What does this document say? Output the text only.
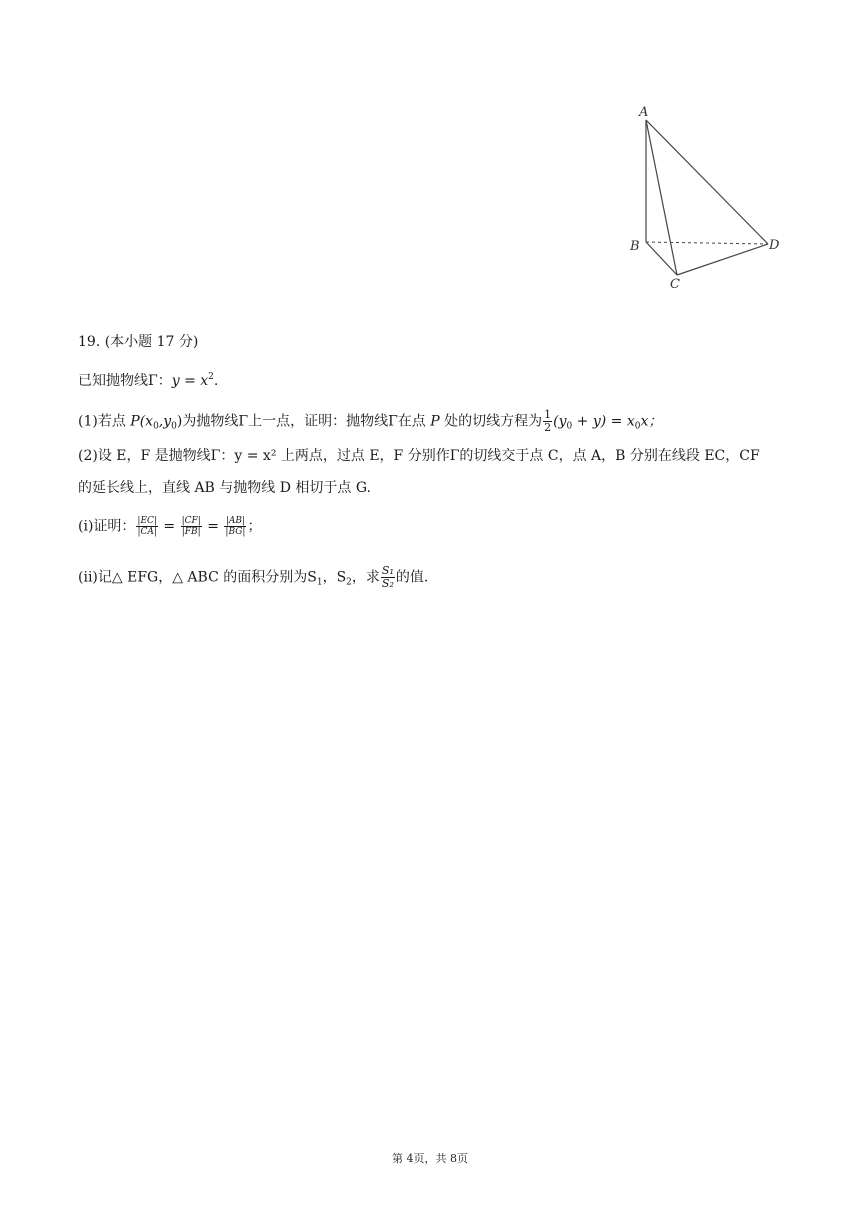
A
B
C
D
19. (本小题 17 分)
已知抛物线Γ：$y = x^2$.
(1)若点 $P(x_0,y_0)$为抛物线Γ上一点，证明：抛物线Γ在点 P 处的切线方程为 $\frac{1}{2} (y_0 + y) = x_0x$；
(2)设 E，F 是抛物线Γ：y = x² 上两点，过点 E，F 分别作Γ的切线交于点 C，点 A，B 分别在线段 EC，CF
的延长线上，直线 AB 与抛物线 D 相切于点 G.
(i)证明： $\frac{|EC|}{|CA|} = \frac{|CF|}{|FB|} = \frac{|AB|}{|BG|}$ ；
(ii)记△ EFG，△ ABC 的面积分别为$S_1$，$S_2$，求 $\frac{\text{S₁}}{\text{S₂}}$ 的值.
第 4页，共 8页
